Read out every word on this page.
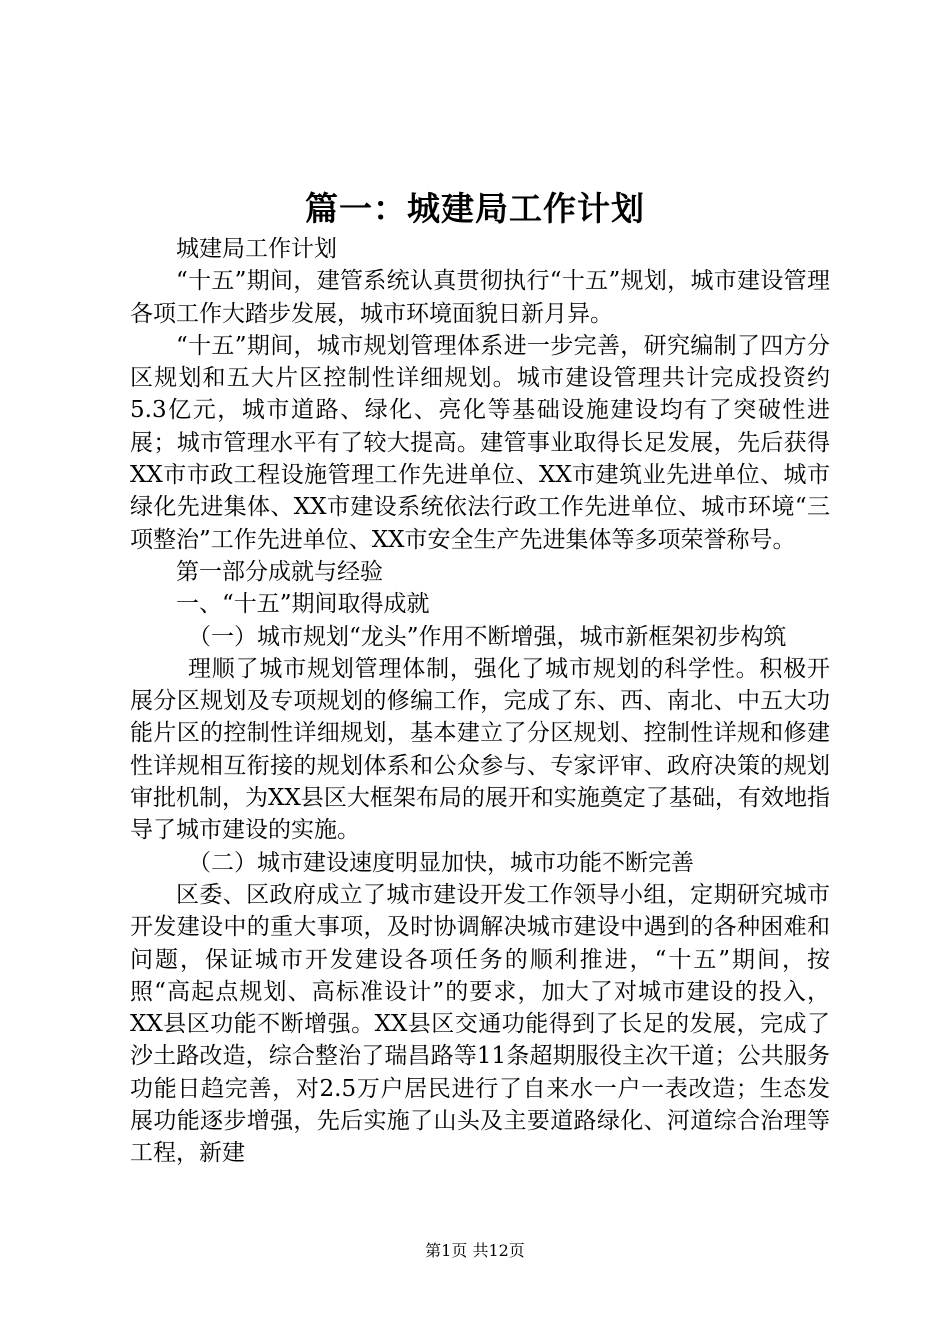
篇一：城建局工作计划

城建局工作计划

“十五”期间，建管系统认真贯彻执行“十五”规划，城市建设管理各项工作大踏步发展，城市环境面貌日新月异。

“十五”期间，城市规划管理体系进一步完善，研究编制了四方分区规划和五大片区控制性详细规划。城市建设管理共计完成投资约5.3亿元，城市道路、绿化、亮化等基础设施建设均有了突破性进展；城市管理水平有了较大提高。建管事业取得长足发展，先后获得XX市市政工程设施管理工作先进单位、XX市建筑业先进单位、城市绿化先进集体、XX市建设系统依法行政工作先进单位、城市环境“三项整治”工作先进单位、XX市安全生产先进集体等多项荣誉称号。

第一部分成就与经验

一、“十五”期间取得成就

（一）城市规划“龙头”作用不断增强，城市新框架初步构筑

理顺了城市规划管理体制，强化了城市规划的科学性。积极开展分区规划及专项规划的修编工作，完成了东、西、南北、中五大功能片区的控制性详细规划，基本建立了分区规划、控制性详规和修建性详规相互衔接的规划体系和公众参与、专家评审、政府决策的规划审批机制，为XX县区大框架布局的展开和实施奠定了基础，有效地指导了城市建设的实施。

（二）城市建设速度明显加快，城市功能不断完善

区委、区政府成立了城市建设开发工作领导小组，定期研究城市开发建设中的重大事项，及时协调解决城市建设中遇到的各种困难和问题，保证城市开发建设各项任务的顺利推进，“十五”期间，按照“高起点规划、高标准设计”的要求，加大了对城市建设的投入，XX县区功能不断增强。XX县区交通功能得到了长足的发展，完成了沙土路改造，综合整治了瑞昌路等11条超期服役主次干道；公共服务功能日趋完善，对2.5万户居民进行了自来水一户一表改造；生态发展功能逐步增强，先后实施了山头及主要道路绿化、河道综合治理等工程，新建

第1页 共12页
